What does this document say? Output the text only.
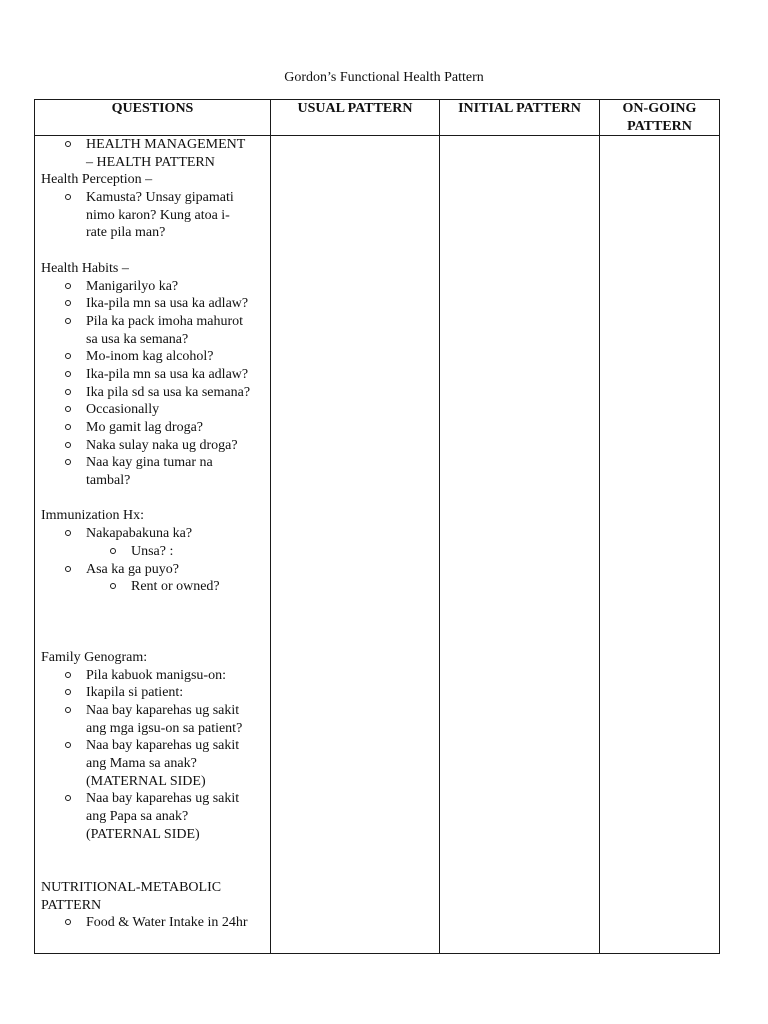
Gordon’s Functional Health Pattern
QUESTIONS	USUAL PATTERN	INITIAL PATTERN	ON-GOING
PATTERN
HEALTH MANAGEMENT
– HEALTH PATTERN
Health Perception –
Kamusta? Unsay gipamati
nimo karon? Kung atoa i-
rate pila man?
Health Habits –
Manigarilyo ka?
Ika-pila mn sa usa ka adlaw?
Pila ka pack imoha mahurot
sa usa ka semana?
Mo-inom kag alcohol?
Ika-pila mn sa usa ka adlaw?
Ika pila sd sa usa ka semana?
Occasionally
Mo gamit lag droga?
Naka sulay naka ug droga?
Naa kay gina tumar na
tambal?
Immunization Hx:
Nakapabakuna ka?
Unsa? :
Asa ka ga puyo?
Rent or owned?
Family Genogram:
Pila kabuok manigsu-on:
Ikapila si patient:
Naa bay kaparehas ug sakit
ang mga igsu-on sa patient?
Naa bay kaparehas ug sakit
ang Mama sa anak?
(MATERNAL SIDE)
Naa bay kaparehas ug sakit
ang Papa sa anak?
(PATERNAL SIDE)
NUTRITIONAL-METABOLIC
PATTERN
Food & Water Intake in 24hr
